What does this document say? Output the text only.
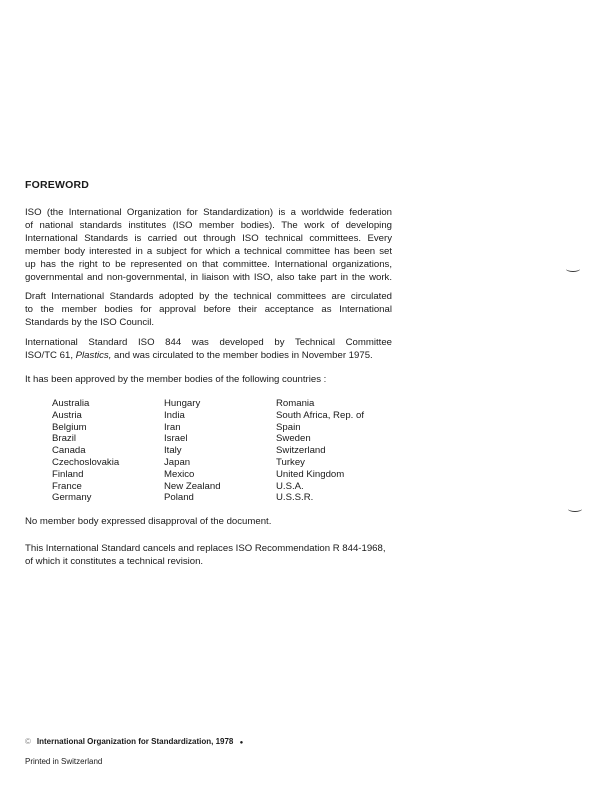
FOREWORD

ISO (the International Organization for Standardization) is a worldwide federation

of national standards institutes (ISO member bodies). The work of developing

International Standards is carried out through ISO technical committees. Every

member body interested in a subject for which a technical committee has been set

up has the right to be represented on that committee. International organizations,

governmental and non-governmental, in liaison with ISO, also take part in the work.

Draft International Standards adopted by the technical committees are circulated

to the member bodies for approval before their acceptance as International

Standards by the ISO Council.

International Standard ISO 844 was developed by Technical Committee

ISO/TC 61, Plastics, and was circulated to the member bodies in November 1975.

It has been approved by the member bodies of the following countries :

Australia	Hungary	Romania
Austria	India	South Africa, Rep. of
Belgium	Iran	Spain
Brazil	Israel	Sweden
Canada	Italy	Switzerland
Czechoslovakia	Japan	Turkey
Finland	Mexico	United Kingdom
France	New Zealand	U.S.A.
Germany	Poland	U.S.S.R.

No member body expressed disapproval of the document.

This International Standard cancels and replaces ISO Recommendation R 844-1968,

of which it constitutes a technical revision.

© International Organization for Standardization, 1978 ●
Printed in Switzerland
